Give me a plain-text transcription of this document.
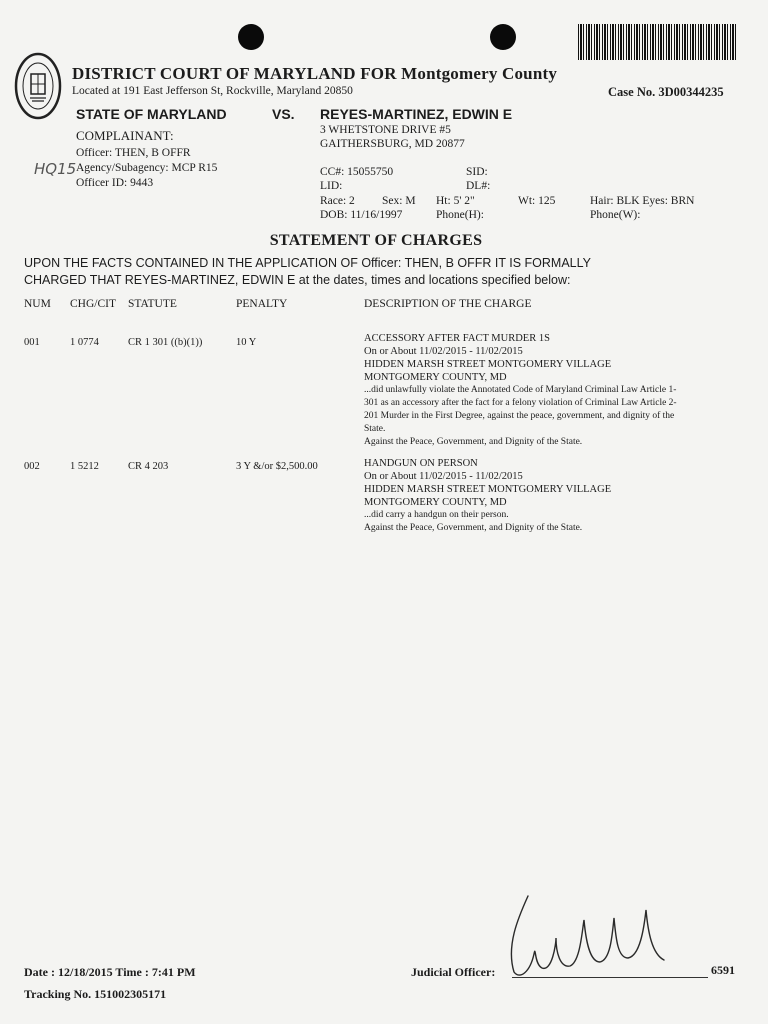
DISTRICT COURT OF MARYLAND FOR Montgomery County
Located at 191 East Jefferson St, Rockville, Maryland 20850	Case No. 3D00344235
STATE OF MARYLAND	VS. REYES-MARTINEZ, EDWIN E
3 WHETSTONE DRIVE #5
GAITHERSBURG, MD 20877
COMPLAINANT:
Officer: THEN, B OFFR
Agency/Subagency: MCP R15
Officer ID: 9443
HQ15	CC#: 15055750	SID:
LID:	DL#:
Race: 2 Sex: M Ht: 5' 2"	Wt: 125	Hair: BLK Eyes: BRN
DOB: 11/16/1997	Phone(H):	Phone(W):
STATEMENT OF CHARGES
UPON THE FACTS CONTAINED IN THE APPLICATION OF Officer: THEN, B OFFR IT IS FORMALLY
CHARGED THAT REYES-MARTINEZ, EDWIN E at the dates, times and locations specified below:
NUM CHG/CIT STATUTE	PENALTY	DESCRIPTION OF THE CHARGE
001	1 0774	CR 1 301 ((b)(1))	10 Y	ACCESSORY AFTER FACT MURDER 1S
On or About 11/02/2015 - 11/02/2015
HIDDEN MARSH STREET MONTGOMERY VILLAGE
MONTGOMERY COUNTY, MD
...did unlawfully violate the Annotated Code of Maryland Criminal Law Article 1-
301 as an accessory after the fact for a felony violation of Criminal Law Article 2-
201 Murder in the First Degree, against the peace, government, and dignity of the
State.
Against the Peace, Government, and Dignity of the State.
002	1 5212	CR 4 203	3 Y &/or $2,500.00	HANDGUN ON PERSON
On or About 11/02/2015 - 11/02/2015
HIDDEN MARSH STREET MONTGOMERY VILLAGE
MONTGOMERY COUNTY, MD
...did carry a handgun on their person.
Against the Peace, Government, and Dignity of the State.
Date : 12/18/2015 Time : 7:41 PM
Tracking No. 151002305171
Judicial Officer:	6591
